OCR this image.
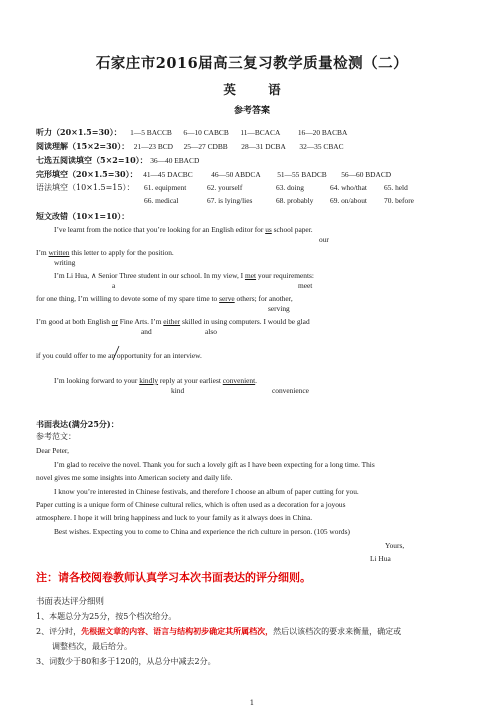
石家庄市2016届高三复习教学质量检测（二）
英 语
参考答案
听力（20×1.5=30）： 1—5 BACCB 6—10 CABCB 11—BCACA 16—20 BACBA
阅读理解（15×2=30）： 21—23 BCD 25—27 CDBB 28—31 DCBA 32—35 CBAC
七选五阅读填空（5×2=10）： 36—40 EBACD
完形填空（20×1.5=30）： 41—45 DACBC	46—50 ABDCA 51—55 BADCB 56—60 BDACD
语法填空（10×1.5=15）： 61. equipment	62. yourself	63. doing	64. who/that 65. held
66. medical	67. is lying/lies	68. probably 69. on/about 70. before
短文改错（10×1=10）：
I’ve learnt from the notice that you’re looking for an English editor for us school paper.
our
I’m written this letter to apply for the position.
writing
I’m Li Hua, ∧ Senior Three student in our school. In my view, I met your requirements:
a	meet
for one thing, I’m willing to devote some of my spare time to serve others; for another,
serving
I’m good at both English or Fine Arts. I’m either skilled in using computers. I would be glad
and	also
if you could offer to me an opportunity for an interview.
I’m looking forward to your kindly reply at your earliest convenient.
kind	convenience
书面表达(满分25分)：
参考范文：
Dear Peter,
I’m glad to receive the novel. Thank you for such a lovely gift as I have been expecting for a long time. This
novel gives me some insights into American society and daily life.
I know you’re interested in Chinese festivals, and therefore I choose an album of paper cutting for you.
Paper cutting is a unique form of Chinese cultural relics, which is often used as a decoration for a joyous
atmosphere. I hope it will bring happiness and luck to your family as it always does in China.
Best wishes. Expecting you to come to China and experience the rich culture in person. (105 words)
Yours,
Li Hua
注：请各校阅卷教师认真学习本次书面表达的评分细则。
书面表达评分细则
1、本题总分为25分，按5个档次给分。
2、评分时，先根据文章的内容、语言与结构初步确定其所属档次，然后以该档次的要求来衡量，确定或
调整档次，最后给分。
3、词数少于80和多于120的，从总分中减去2分。
1
